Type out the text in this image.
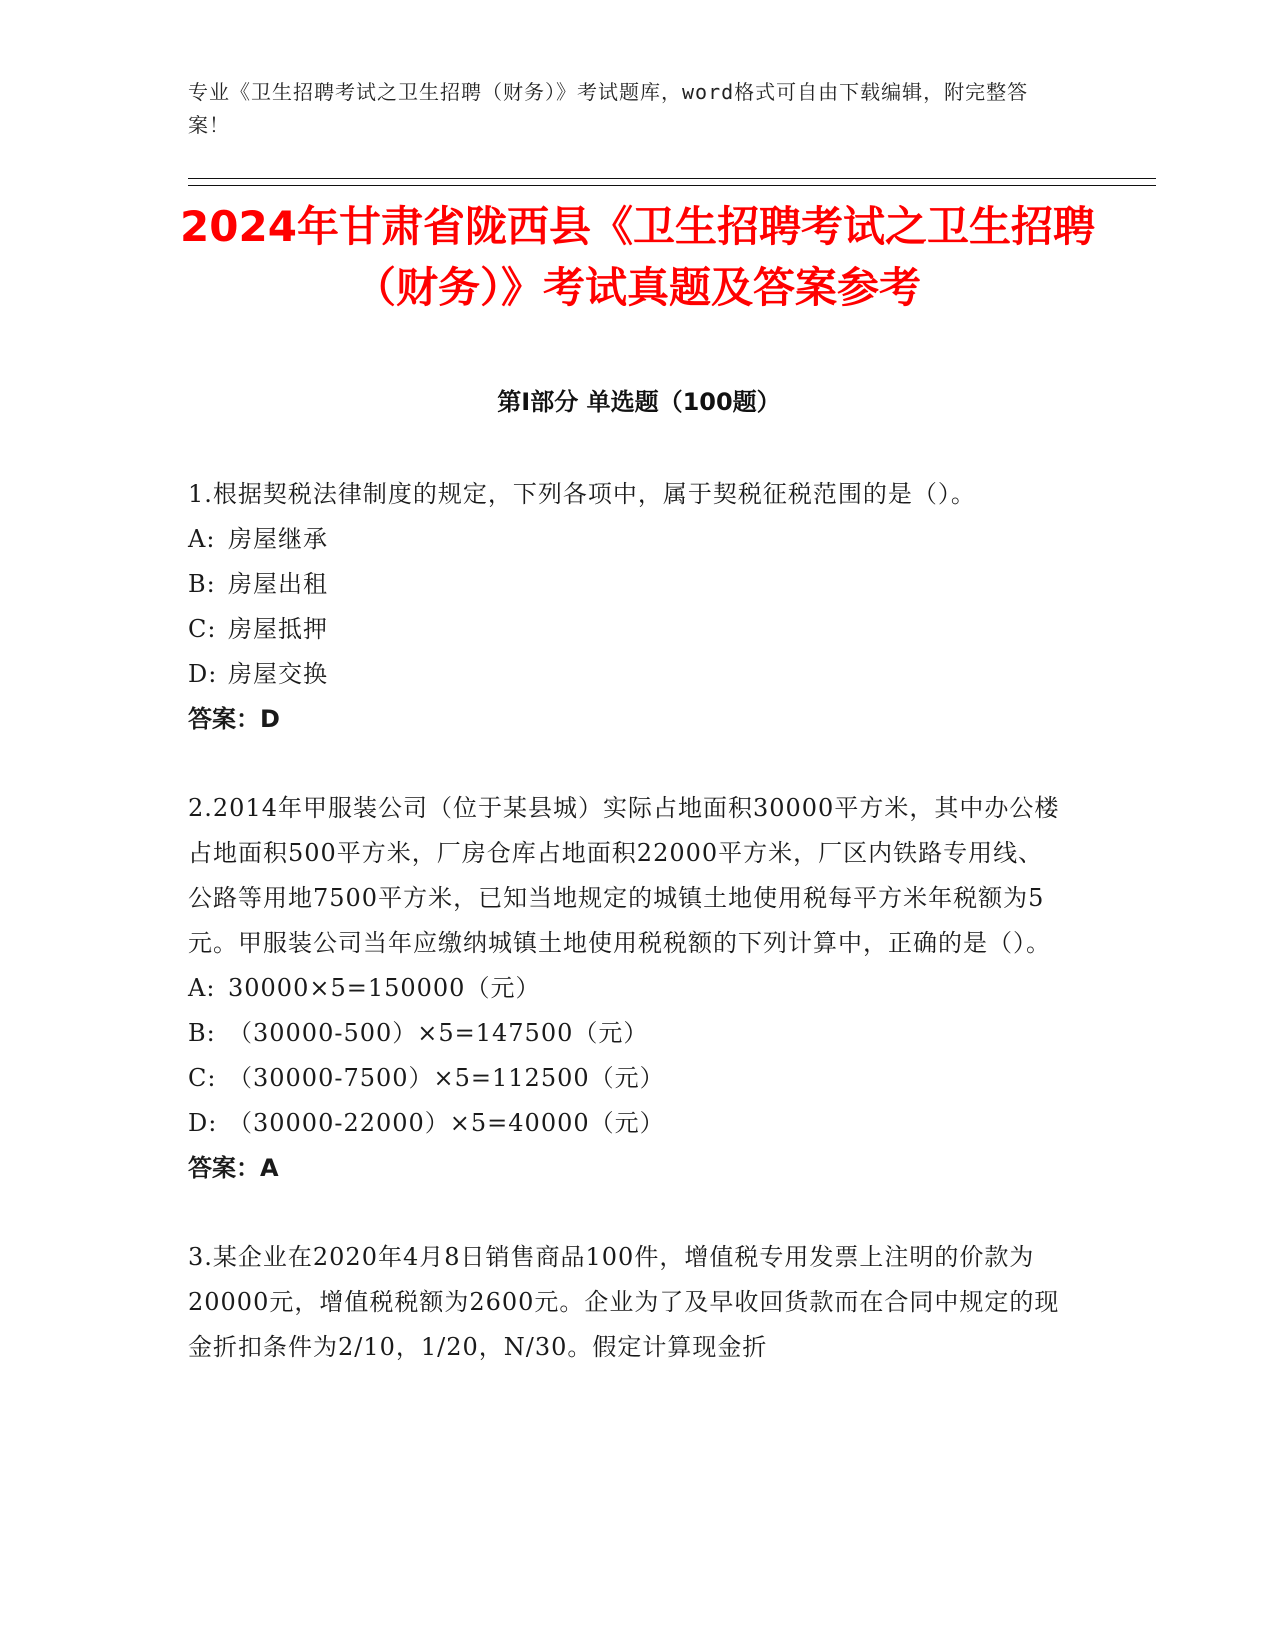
专业《卫生招聘考试之卫生招聘（财务）》考试题库，word格式可自由下载编辑，附完整答案！
2024年甘肃省陇西县《卫生招聘考试之卫生招聘（财务）》考试真题及答案参考
第Ⅰ部分 单选题（100题）

1.根据契税法律制度的规定，下列各项中，属于契税征税范围的是（）。

A: 房屋继承

B: 房屋出租

C: 房屋抵押

D: 房屋交换

答案：D

2.2014年甲服装公司（位于某县城）实际占地面积30000平方米，其中办公楼占地面积500平方米，厂房仓库占地面积22000平方米，厂区内铁路专用线、公路等用地7500平方米，已知当地规定的城镇土地使用税每平方米年税额为5元。甲服装公司当年应缴纳城镇土地使用税税额的下列计算中，正确的是（）。

A: 30000×5=150000（元）

B: （30000-500）×5=147500（元）

C: （30000-7500）×5=112500（元）

D: （30000-22000）×5=40000（元）

答案：A

3.某企业在2020年4月8日销售商品100件，增值税专用发票上注明的价款为20000元，增值税税额为2600元。企业为了及早收回货款而在合同中规定的现金折扣条件为2/10，1/20，N/30。假定计算现金折
